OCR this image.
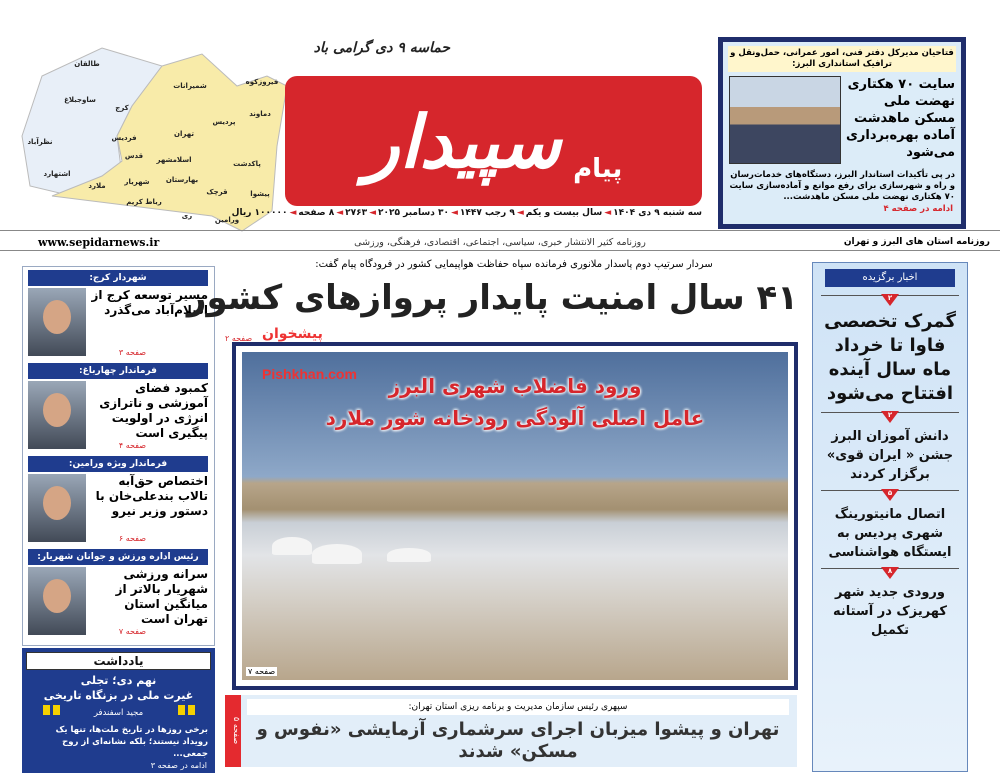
طالقان
ساوجبلاغ
کرج
نظرآباد
اشتهارد
فردیس
شمیرانات	فیروزکوه
دماوند
پردیس
تهران
قدس اسلامشهر
ملارد	شهریار بهارستان
رباط کریم
ری
قرچک
پاکدشت
پیشوا
ورامین
حماسه ۹ دی گرامی باد
پیام
سپیدار
سه شنبه ۹ دی ۱۴۰۴
◄
سال بیست و یکم
◄
۹ رجب ۱۴۴۷
◄
۳۰ دسامبر ۲۰۲۵
◄
۲۷۶۳
◄
۸ صفحه
◄
۱۰۰۰۰۰ ریال
فتاحیان مدیرکل دفتر فنی، امور عمرانی، حمل‌ونقل و ترافیک استانداری البرز:
سایت ۷۰ هکتاری نهضت ملی مسکن ماهدشت آماده بهره‌برداری می‌شود
در پی تأکیدات استاندار البرز، دستگاه‌های خدمات‌رسان و راه و شهرسازی برای رفع موانع و آماده‌سازی سایت ۷۰ هکتاری نهضت ملی مسکن ماهدشت...
ادامه در صفحه ۴
www.sepidarnews.ir	روزنامه کثیر الانتشار خبری، سیاسی، اجتماعی، اقتصادی، فرهنگی، ورزشی	روزنامه استان های البرز و تهران
شهردار کرج:
مسیر توسعه کرج از اسلام‌آباد می‌گذرد
صفحه ۳
فرماندار چهارباغ:
کمبود فضای آموزشی و ناترازی انرژی در اولویت پیگیری است
صفحه ۴
فرماندار ویژه ورامین:
اختصاص حق‌آبه تالاب بندعلی‌خان با دستور وزیر نیرو
صفحه ۶
رئیس اداره ورزش و جوانان شهریار:
سرانه ورزشی شهریار بالاتر از میانگین استان تهران است
صفحه ۷
یادداشت
نهم دی؛ تجلی
غیرت ملی در بزنگاه تاریخی
مجید اسفندفر
برخی روزها در تاریخ ملت‌ها، تنها یک رویداد نیستند؛ بلکه نشانه‌ای از روح جمعی...
ادامه در صفحه ۳
سردار سرتیپ دوم پاسدار ملانوری فرمانده سپاه حفاظت هواپیمایی کشور در فرودگاه پیام گفت:
۴۱ سال امنیت پایدار پروازهای کشور
صفحه ۲
ورود فاضلاب شهری البرز
عامل اصلی آلودگی رودخانه شور ملارد
صفحه ۷
پیشخوان
Pishkhan.com
صفحه ۵
سپهری رئیس سازمان مدیریت و برنامه ریزی استان تهران:
تهران و پیشوا میزبان اجرای سرشماری آزمایشی «نفوس و مسکن» شدند
اخبار برگزیده
۲
گمرک تخصصی فاوا تا خرداد ماه سال آینده افتتاح می‌شود
۲
دانش آموزان البرز جشن « ایران قوی» برگزار کردند
۵
اتصال مانیتورینگ شهری پردیس به ایستگاه هواشناسی
۸
ورودی جدید شهر کهریزک در آستانه تکمیل
